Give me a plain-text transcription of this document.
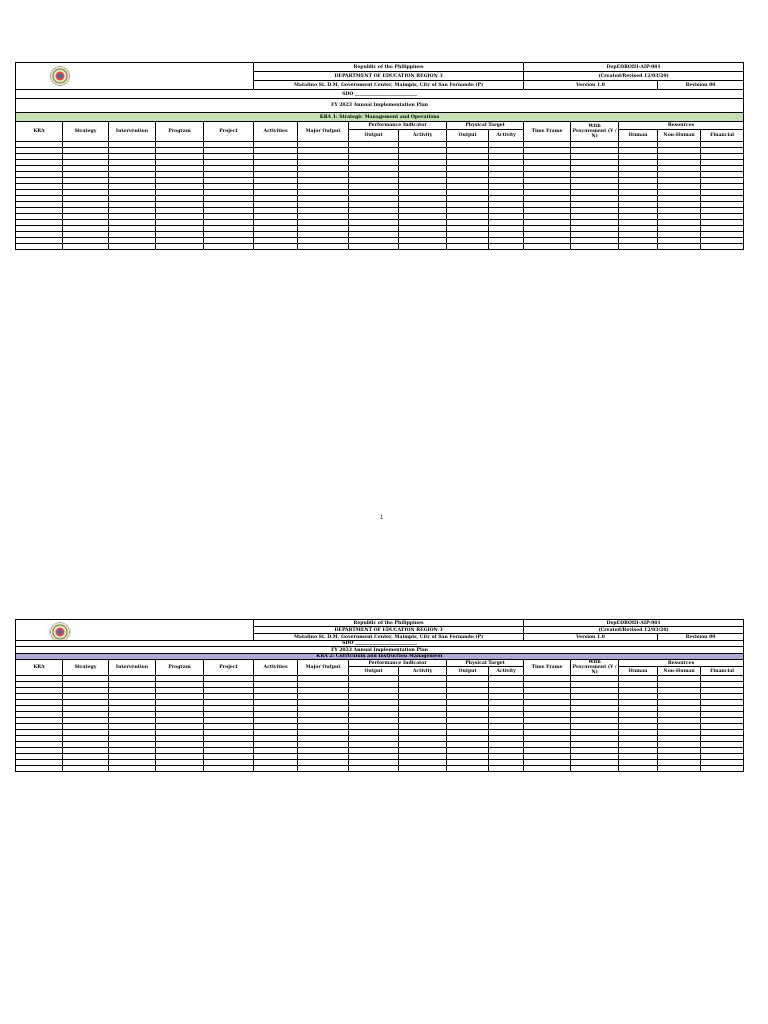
	Republic of the Philippines						DepEDROIII-AIP-001				
					DEPARTMENT OF EDUCATION REGION 3						(Created/Revised 12/03/20)				
					Matalino St. D.M. Government Center, Maimpis, City of San Fernando (P)						Version 1.0			Revision 00	
SDO ___________________________															
FY 2023 Annual Implementation Plan															
KRA 1: Strategic Management and Operations															
KRA	Strategy	Intervention	Program	Project	Activities	Major Output	Performance Indicator		Physical Target		Time Frame	With Procurement (Y / N)	Resources		
							Output	Activity	Output	Activity			Human	Non-Human	Financial

1
	Republic of the Philippines						DepEDROIII-AIP-001				
					DEPARTMENT OF EDUCATION REGION 3						(Created/Revised 12/03/20)				
					Matalino St. D.M. Government Center, Maimpis, City of San Fernando (P)						Version 1.0			Revision 00	
SDO ___________________________															
FY 2023 Annual Implementation Plan															
KRA 2: Curriculum and Instruction Management															
KRA	Strategy	Intervention	Program	Project	Activities	Major Output	Performance Indicator		Physical Target		Time Frame	With Procurement (Y / N)	Resources		
							Output	Activity	Output	Activity			Human	Non-Human	Financial
